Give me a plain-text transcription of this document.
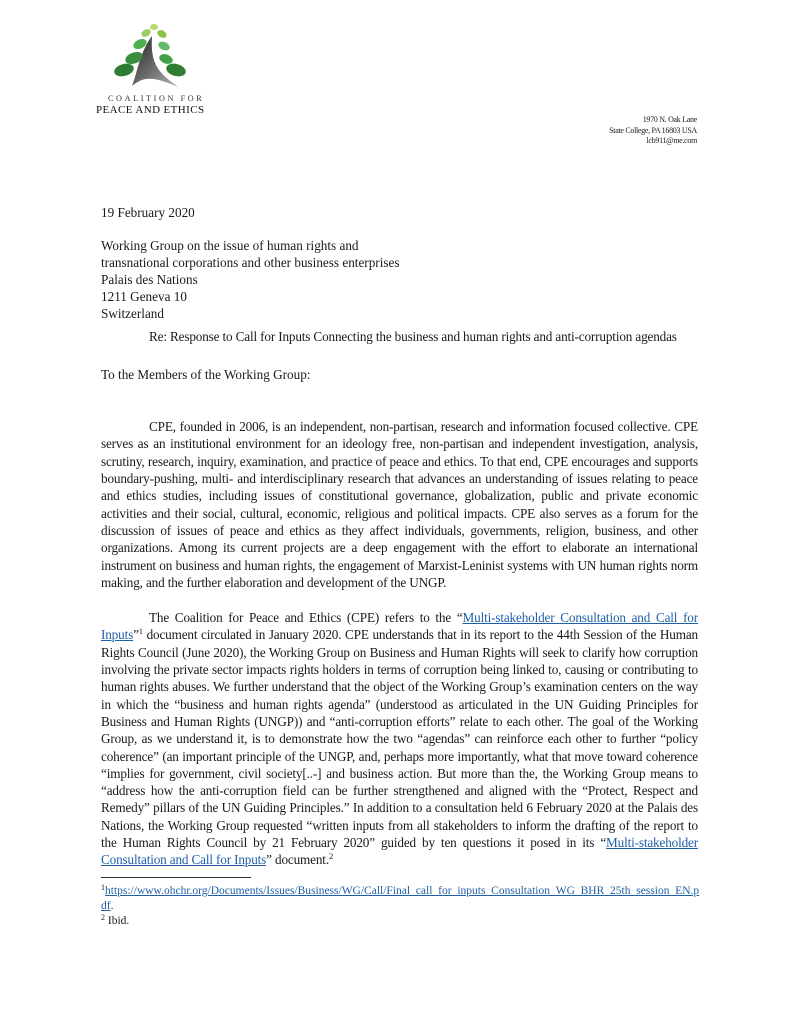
COALITION FOR
PEACE AND ETHICS
1970 N. Oak Lane
State College, PA 16803 USA
lcb911@me.com
19 February 2020
Working Group on the issue of human rights and
transnational corporations and other business enterprises
Palais des Nations
1211 Geneva 10
Switzerland
Re: Response to Call for Inputs Connecting the business and human rights and anti-corruption agendas
To the Members of the Working Group:

CPE, founded in 2006, is an independent, non-partisan, research and information focused collective. CPE serves as an institutional environment for an ideology free, non-partisan and independent investigation, analysis, scrutiny, research, inquiry, examination, and practice of peace and ethics. To that end, CPE encourages and supports boundary-pushing, multi- and interdisciplinary research that advances an understanding of issues relating to peace and ethics studies, including issues of constitutional governance, globalization, public and private economic activities and their social, cultural, economic, religious and political impacts. CPE also serves as a forum for the discussion of issues of peace and ethics as they affect individuals, governments, religion, business, and other organizations. Among its current projects are a deep engagement with the effort to elaborate an international instrument on business and human rights, the engagement of Marxist-Leninist systems with UN human rights norm making, and the further elaboration and development of the UNGP.

The Coalition for Peace and Ethics (CPE) refers to the “Multi-stakeholder Consultation and Call for Inputs”$^1$ document circulated in January 2020. CPE understands that in its report to the 44th Session of the Human Rights Council (June 2020), the Working Group on Business and Human Rights will seek to clarify how corruption involving the private sector impacts rights holders in terms of corruption being linked to, causing or contributing to human rights abuses. We further understand that the object of the Working Group’s examination centers on the way in which the “business and human rights agenda” (understood as articulated in the UN Guiding Principles for Business and Human Rights (UNGP)) and “anti-corruption efforts” relate to each other. The goal of the Working Group, as we understand it, is to demonstrate how the two “agendas” can reinforce each other to further “policy coherence” (an important principle of the UNGP, and, perhaps more importantly, what that move toward coherence “implies for government, civil society[..-] and business action. But more than the, the Working Group means to “address how the anti-corruption field can be further strengthened and aligned with the “Protect, Respect and Remedy” pillars of the UN Guiding Principles.” In addition to a consultation held 6 February 2020 at the Palais des Nations, the Working Group requested “written inputs from all stakeholders to inform the drafting of the report to the Human Rights Council by 21 February 2020” guided by ten questions it posed in its “Multi-stakeholder Consultation and Call for Inputs” document.$^2$

$^1$https://www.ohchr.org/Documents/Issues/Business/WG/Call/Final_call_for_inputs_Consultation_WG_BHR_25th_session_EN.pdf.

$^2$ Ibid.
